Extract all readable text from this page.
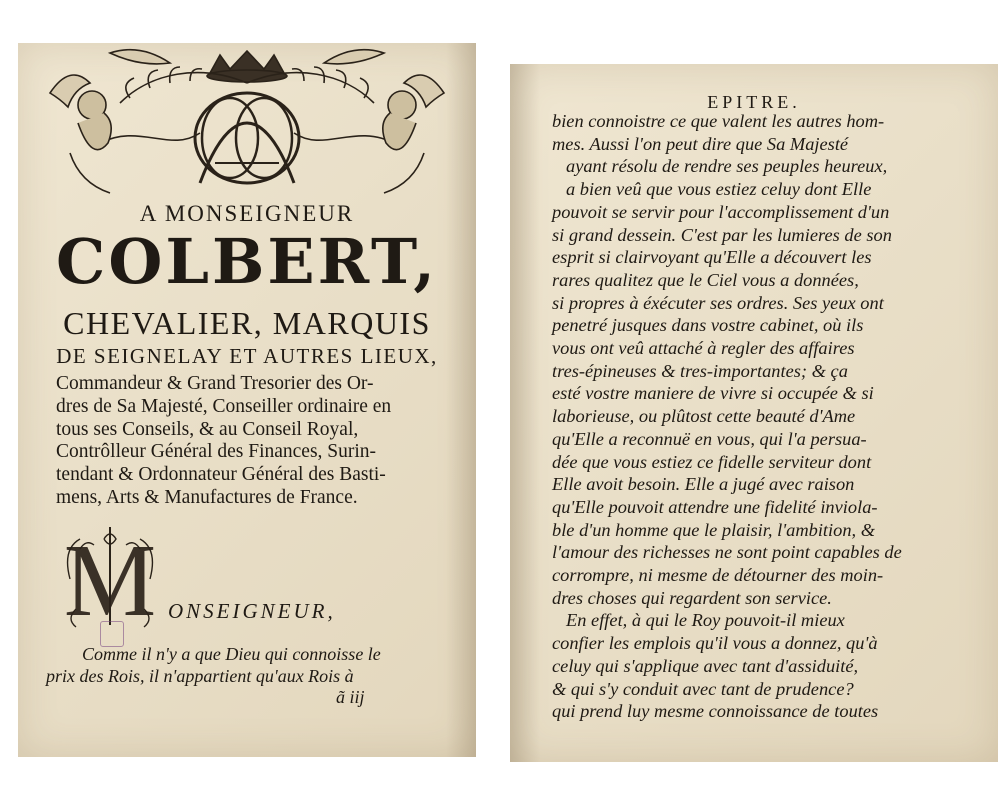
A MONSEIGNEUR
COLBERT,
CHEVALIER, MARQUIS
DE SEIGNELAY ET AUTRES LIEUX,
Commandeur & Grand Tresorier des Or-
dres de Sa Majesté, Conseiller ordinaire en
tous ses Conseils, & au Conseil Royal,
Contrôlleur Général des Finances, Surin-
tendant & Ordonnateur Général des Basti-
mens, Arts & Manufactures de France.
M ONSEIGNEUR,
Comme il n'y a que Dieu qui connoisse le
prix des Rois, il n'appartient qu'aux Rois à
ã iij
EPITRE.
bien connoistre ce que valent les autres hom-
mes. Aussi l'on peut dire que Sa Majesté
ayant résolu de rendre ses peuples heureux,
a bien veû que vous estiez celuy dont Elle
pouvoit se servir pour l'accomplissement d'un
si grand dessein. C'est par les lumieres de son
esprit si clairvoyant qu'Elle a découvert les
rares qualitez que le Ciel vous a données,
si propres à éxécuter ses ordres. Ses yeux ont
penetré jusques dans vostre cabinet, où ils
vous ont veû attaché à regler des affaires
tres-épineuses & tres-importantes; & ça
esté vostre maniere de vivre si occupée & si
laborieuse, ou plûtost cette beauté d'Ame
qu'Elle a reconnuë en vous, qui l'a persua-
dée que vous estiez ce fidelle serviteur dont
Elle avoit besoin. Elle a jugé avec raison
qu'Elle pouvoit attendre une fidelité inviola-
ble d'un homme que le plaisir, l'ambition, &
l'amour des richesses ne sont point capables de
corrompre, ni mesme de détourner des moin-
dres choses qui regardent son service.
En effet, à qui le Roy pouvoit-il mieux
confier les emplois qu'il vous a donnez, qu'à
celuy qui s'applique avec tant d'assiduité,
& qui s'y conduit avec tant de prudence?
qui prend luy mesme connoissance de toutes
